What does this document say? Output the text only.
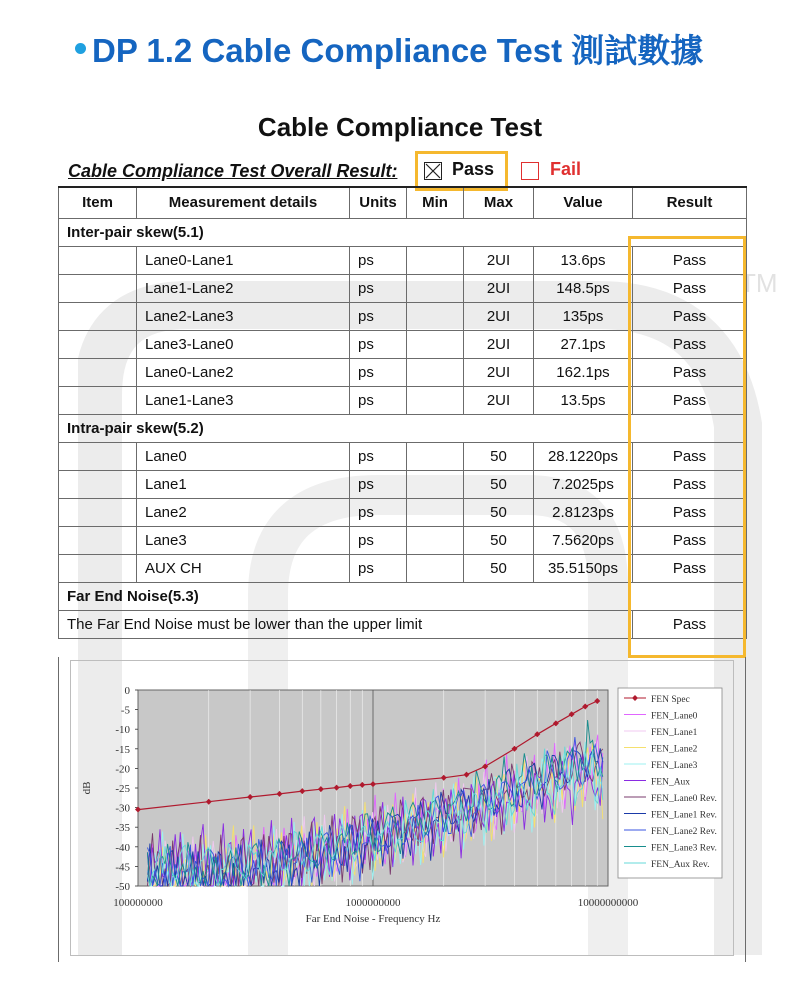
TM
DP 1.2 Cable Compliance Test 測試數據
Cable Compliance Test
Cable Compliance Test Overall Result:	Pass	Fail
Item	Measurement details	Units	Min	Max	Value	Result
Inter-pair skew(5.1)						
	Lane0-Lane1	ps		2UI	13.6ps	Pass
	Lane1-Lane2	ps		2UI	148.5ps	Pass
	Lane2-Lane3	ps		2UI	135ps	Pass
	Lane3-Lane0	ps		2UI	27.1ps	Pass
	Lane0-Lane2	ps		2UI	162.1ps	Pass
	Lane1-Lane3	ps		2UI	13.5ps	Pass
Intra-pair skew(5.2)						
	Lane0	ps		50	28.1220ps	Pass
	Lane1	ps		50	7.2025ps	Pass
	Lane2	ps		50	2.8123ps	Pass
	Lane3	ps		50	7.5620ps	Pass
	AUX CH	ps		50	35.5150ps	Pass
Far End Noise(5.3)						
The Far End Noise must be lower than the upper limit						Pass
0
-5
-10
-15
-20
-25
-30
-35
-40
-45
-50
100000000	1000000000	10000000000
Far End Noise - Frequency Hz
dB
FEN Spec
FEN_Lane0
FEN_Lane1
FEN_Lane2
FEN_Lane3
FEN_Aux
FEN_Lane0 Rev.
FEN_Lane1 Rev.
FEN_Lane2 Rev.
FEN_Lane3 Rev.
FEN_Aux Rev.
